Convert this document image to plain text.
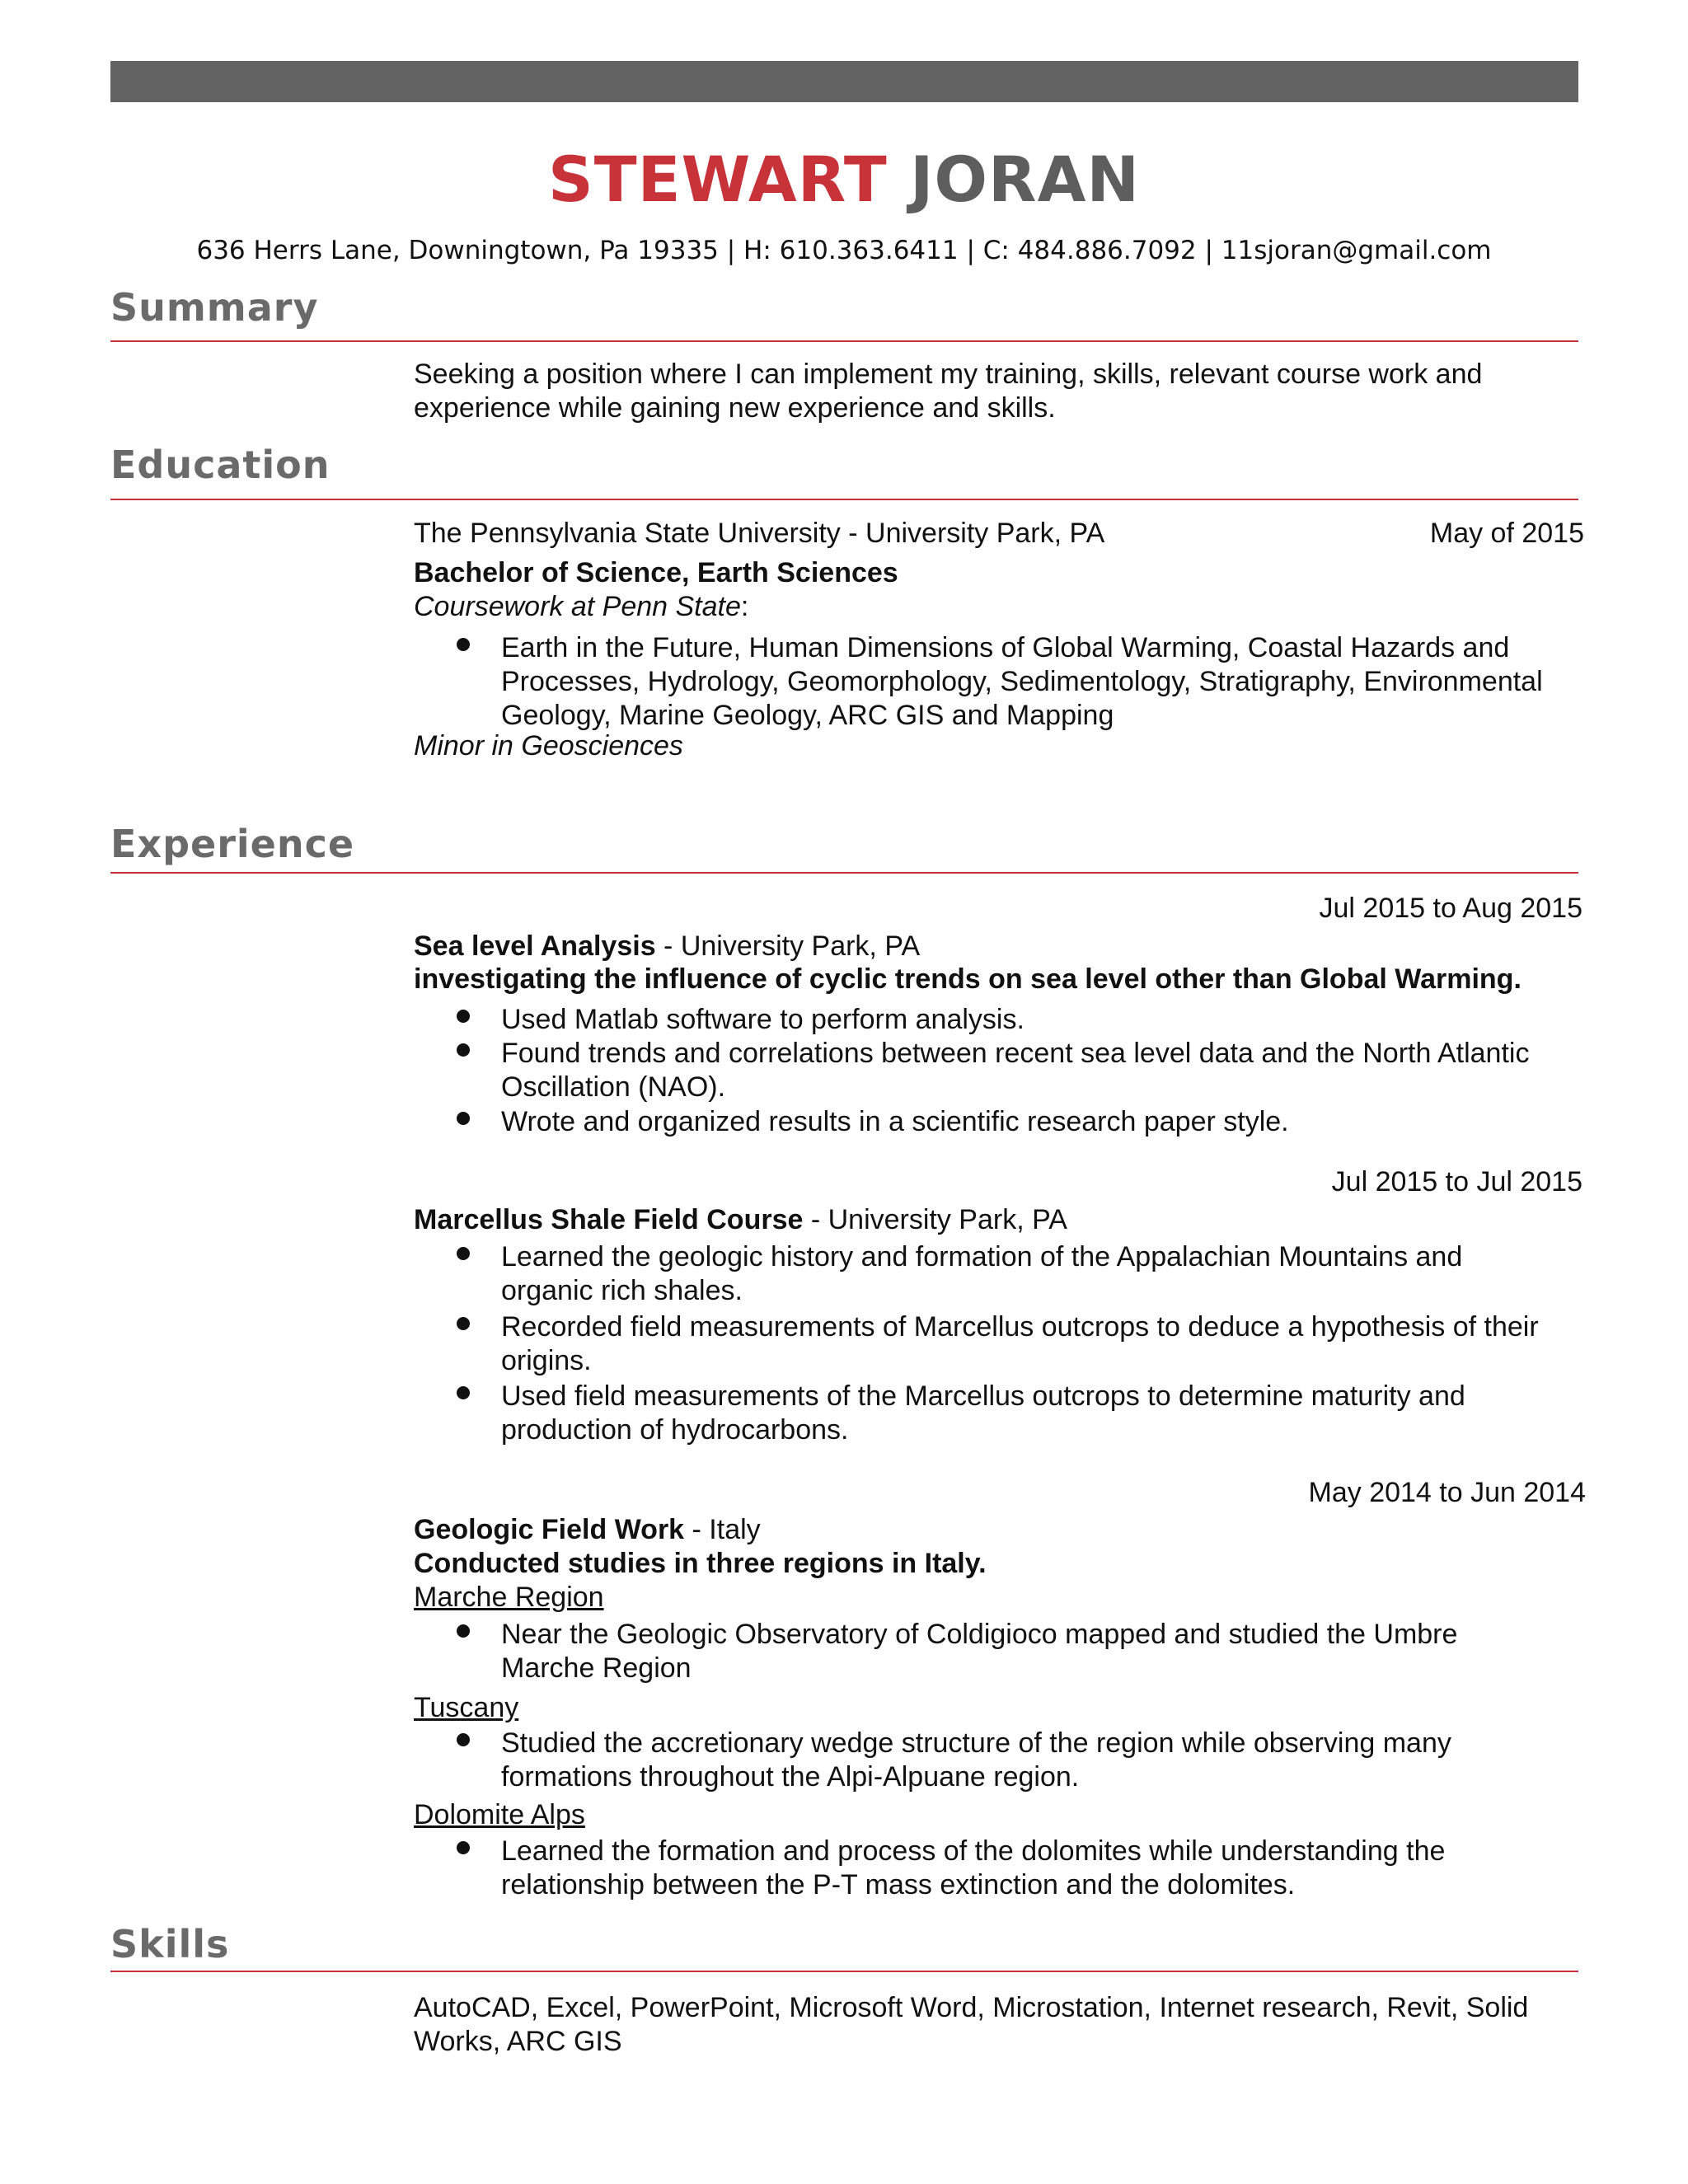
STEWART JORAN
636 Herrs Lane, Downingtown, Pa 19335 | H: 610.363.6411 | C: 484.886.7092 | 11sjoran@gmail.com
Summary
Seeking a position where I can implement my training, skills, relevant course work and experience while gaining new experience and skills.
Education
The Pennsylvania State University - University Park, PA	May of 2015
Bachelor of Science, Earth Sciences
Coursework at Penn State:
Earth in the Future, Human Dimensions of Global Warming, Coastal Hazards and Processes, Hydrology, Geomorphology, Sedimentology, Stratigraphy, Environmental Geology, Marine Geology, ARC GIS and Mapping
Minor in Geosciences
Experience
Jul 2015 to Aug 2015
Sea level Analysis - University Park, PA
investigating the influence of cyclic trends on sea level other than Global Warming.
Used Matlab software to perform analysis.
Found trends and correlations between recent sea level data and the North Atlantic Oscillation (NAO).
Wrote and organized results in a scientific research paper style.
Jul 2015 to Jul 2015
Marcellus Shale Field Course - University Park, PA
Learned the geologic history and formation of the Appalachian Mountains and organic rich shales.
Recorded field measurements of Marcellus outcrops to deduce a hypothesis of their origins.
Used field measurements of the Marcellus outcrops to determine maturity and production of hydrocarbons.
May 2014 to Jun 2014
Geologic Field Work - Italy
Conducted studies in three regions in Italy.
Marche Region
Near the Geologic Observatory of Coldigioco mapped and studied the Umbre Marche Region
Tuscany
Studied the accretionary wedge structure of the region while observing many formations throughout the Alpi-Alpuane region.
Dolomite Alps
Learned the formation and process of the dolomites while understanding the relationship between the P-T mass extinction and the dolomites.
Skills
AutoCAD, Excel, PowerPoint, Microsoft Word, Microstation, Internet research, Revit, Solid Works, ARC GIS
